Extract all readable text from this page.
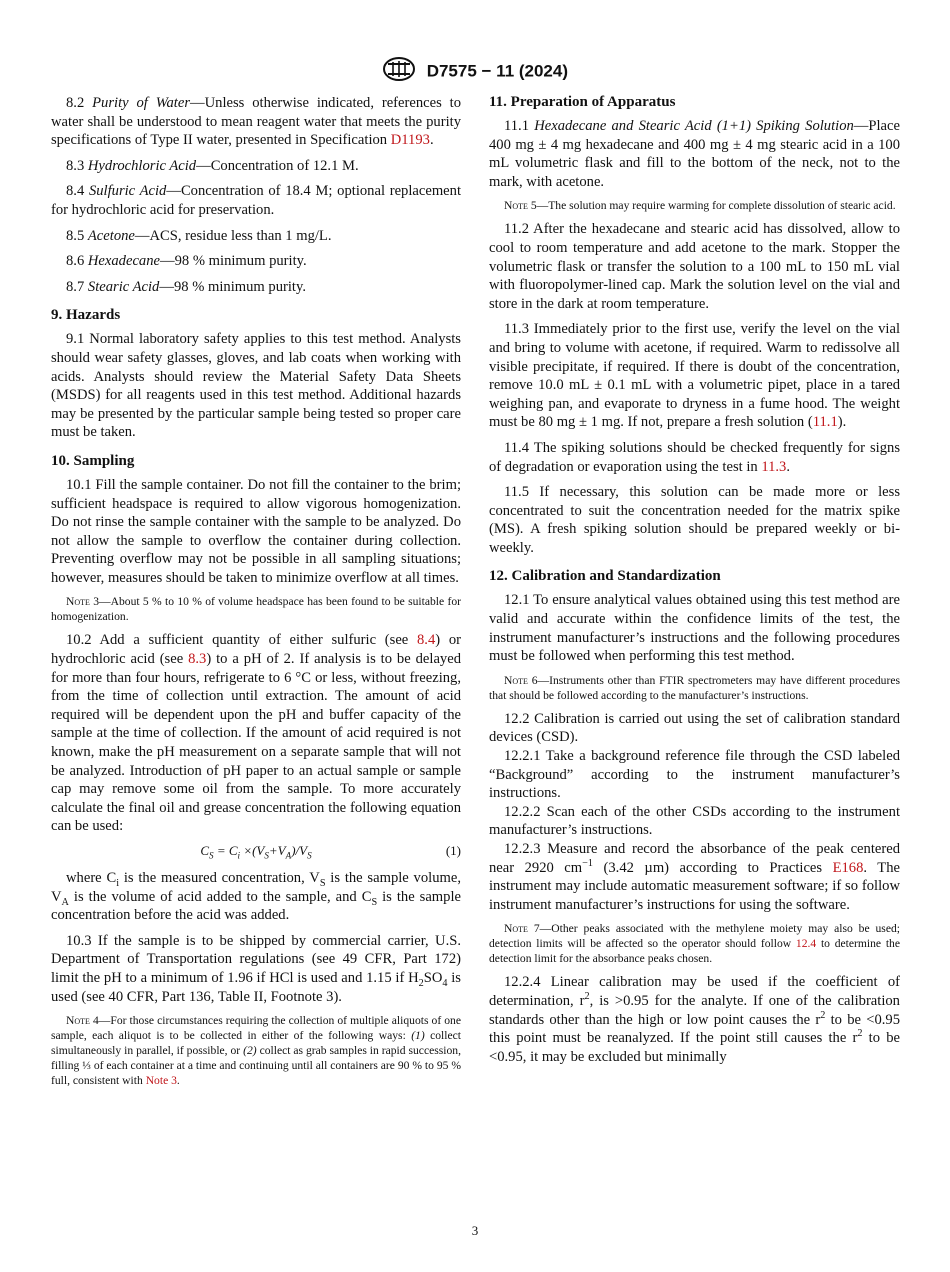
D7575 − 11 (2024)

8.2 Purity of Water—Unless otherwise indicated, references to water shall be understood to mean reagent water that meets the purity specifications of Type II water, presented in Specification D1193.

8.3 Hydrochloric Acid—Concentration of 12.1 M.

8.4 Sulfuric Acid—Concentration of 18.4 M; optional replacement for hydrochloric acid for preservation.

8.5 Acetone—ACS, residue less than 1 mg/L.

8.6 Hexadecane—98 % minimum purity.

8.7 Stearic Acid—98 % minimum purity.

9. Hazards

9.1 Normal laboratory safety applies to this test method. Analysts should wear safety glasses, gloves, and lab coats when working with acids. Analysts should review the Material Safety Data Sheets (MSDS) for all reagents used in this test method. Additional hazards may be presented by the particular sample being tested so proper care must be taken.

10. Sampling

10.1 Fill the sample container. Do not fill the container to the brim; sufficient headspace is required to allow vigorous homogenization. Do not rinse the sample container with the sample to be analyzed. Do not allow the sample to overflow the container during collection. Preventing overflow may not be possible in all sampling situations; however, measures should be taken to minimize overflow at all times.

Note 3—About 5 % to 10 % of volume headspace has been found to be suitable for homogenization.

10.2 Add a sufficient quantity of either sulfuric (see 8.4) or hydrochloric acid (see 8.3) to a pH of 2. If analysis is to be delayed for more than four hours, refrigerate to 6 °C or less, without freezing, from the time of collection until extraction. The amount of acid required will be dependent upon the pH and buffer capacity of the sample at the time of collection. If the amount of acid required is not known, make the pH measurement on a separate sample that will not be analyzed. Introduction of pH paper to an actual sample or sample cap may remove some oil from the sample. To more accurately calculate the final oil and grease concentration the following equation can be used:

$C_S = C_i \times(V_S+V_A)/V_S$	(1)

where $C_i$ is the measured concentration, $V_S$ is the sample volume, $V_A$ is the volume of acid added to the sample, and $C_S$ is the sample concentration before the acid was added.

10.3 If the sample is to be shipped by commercial carrier, U.S. Department of Transportation regulations (see 49 CFR, Part 172) limit the pH to a minimum of 1.96 if HCl is used and 1.15 if $H_2SO_4$ is used (see 40 CFR, Part 136, Table II, Footnote 3).

Note 4—For those circumstances requiring the collection of multiple aliquots of one sample, each aliquot is to be collected in either of the following ways: (1) collect simultaneously in parallel, if possible, or (2) collect as grab samples in rapid succession, filling ⅓ of each container at a time and continuing until all containers are 90 % to 95 % full, consistent with Note 3.
11. Preparation of Apparatus

11.1 Hexadecane and Stearic Acid (1+1) Spiking Solution—Place 400 mg ± 4 mg hexadecane and 400 mg ± 4 mg stearic acid in a 100 mL volumetric flask and fill to the bottom of the neck, not to the mark, with acetone.

Note 5—The solution may require warming for complete dissolution of stearic acid.

11.2 After the hexadecane and stearic acid has dissolved, allow to cool to room temperature and add acetone to the mark. Stopper the volumetric flask or transfer the solution to a 100 mL to 150 mL vial with fluoropolymer-lined cap. Mark the solution level on the vial and store in the dark at room temperature.

11.3 Immediately prior to the first use, verify the level on the vial and bring to volume with acetone, if required. Warm to redissolve all visible precipitate, if required. If there is doubt of the concentration, remove 10.0 mL ± 0.1 mL with a volumetric pipet, place in a tared weighing pan, and evaporate to dryness in a fume hood. The weight must be 80 mg ± 1 mg. If not, prepare a fresh solution (11.1).

11.4 The spiking solutions should be checked frequently for signs of degradation or evaporation using the test in 11.3.

11.5 If necessary, this solution can be made more or less concentrated to suit the concentration needed for the matrix spike (MS). A fresh spiking solution should be prepared weekly or bi-weekly.

12. Calibration and Standardization

12.1 To ensure analytical values obtained using this test method are valid and accurate within the confidence limits of the test, the instrument manufacturer’s instructions and the following procedures must be followed when performing this test method.

Note 6—Instruments other than FTIR spectrometers may have different procedures that should be followed according to the manufacturer’s instructions.

12.2 Calibration is carried out using the set of calibration standard devices (CSD).

12.2.1 Take a background reference file through the CSD labeled “Background” according to the instrument manufacturer’s instructions.

12.2.2 Scan each of the other CSDs according to the instrument manufacturer’s instructions.

12.2.3 Measure and record the absorbance of the peak centered near 2920 $cm^{-1}$ (3.42 µm) according to Practices E168. The instrument may include automatic measurement software; if so follow instrument manufacturer’s instructions for using the software.

Note 7—Other peaks associated with the methylene moiety may also be used; detection limits will be affected so the operator should follow 12.4 to determine the detection limit for the absorbance peaks chosen.

12.2.4 Linear calibration may be used if the coefficient of determination, $r^2$, is >0.95 for the analyte. If one of the calibration standards other than the high or low point causes the $r^2$ to be <0.95 this point must be reanalyzed. If the point still causes the $r^2$ to be <0.95, it may be excluded but minimally

3
